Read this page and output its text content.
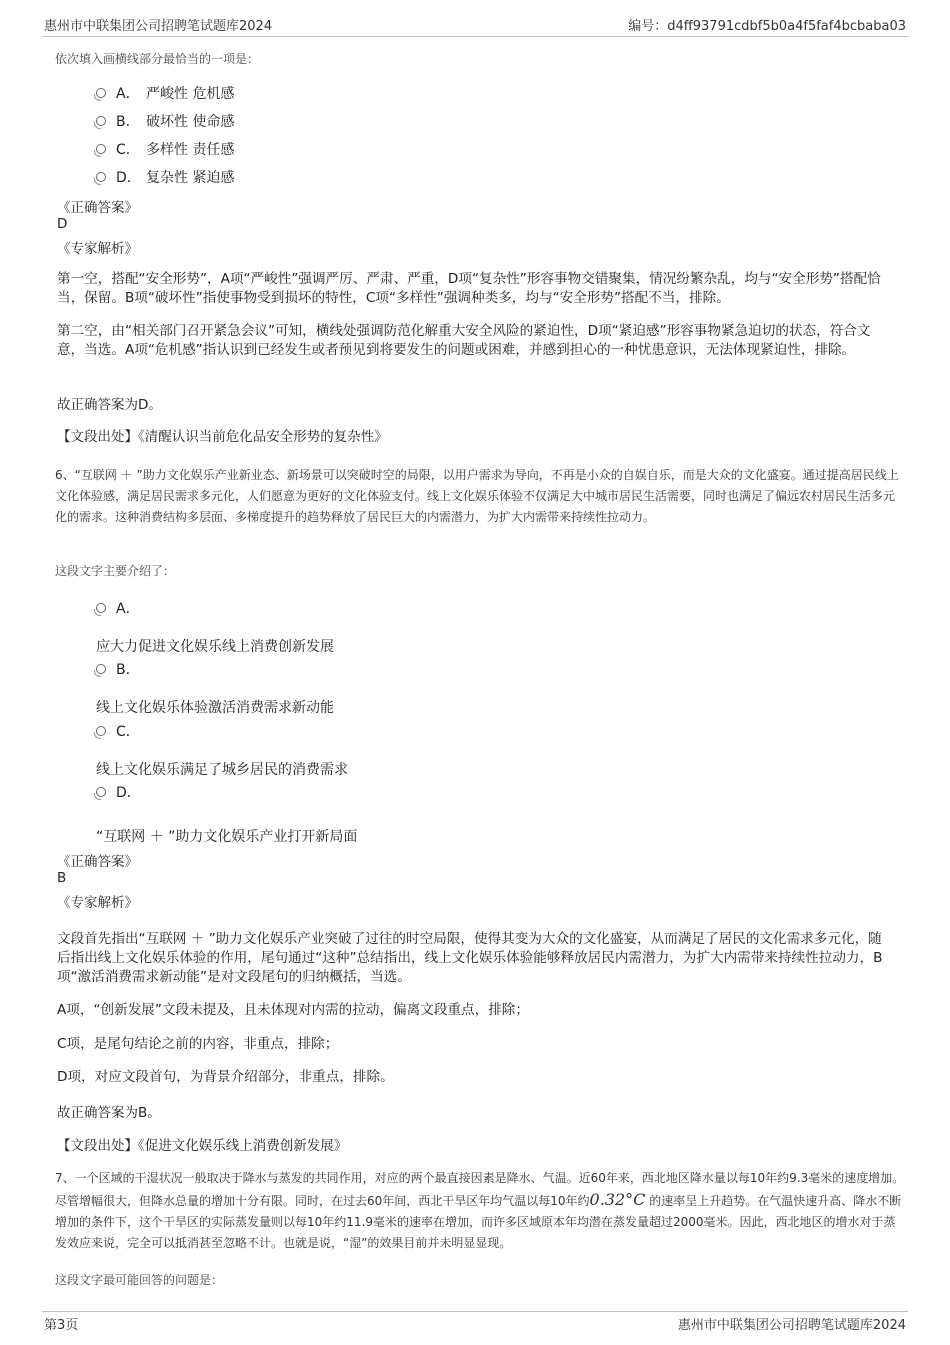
惠州市中联集团公司招聘笔试题库2024	编号：d4ff93791cdbf5b0a4f5faf4bcbaba03
依次填入画横线部分最恰当的一项是：
A． 严峻性 危机感
B． 破坏性 使命感
C． 多样性 责任感
D． 复杂性 紧迫感
《正确答案》
D
《专家解析》
第一空，搭配“安全形势”，A项“严峻性”强调严厉、严肃、严重，D项“复杂性”形容事物交错聚集，情况纷繁杂乱，均与“安全形势”搭配恰当，保留。B项“破坏性”指使事物受到损坏的特性，C项“多样性”强调种类多，均与“安全形势”搭配不当，排除。
第二空，由“相关部门召开紧急会议”可知，横线处强调防范化解重大安全风险的紧迫性，D项“紧迫感”形容事物紧急迫切的状态，符合文意，当选。A项“危机感”指认识到已经发生或者预见到将要发生的问题或困难，并感到担心的一种忧患意识，无法体现紧迫性，排除。
故正确答案为D。
【文段出处】《清醒认识当前危化品安全形势的复杂性》
6、“互联网 ＋ ”助力文化娱乐产业新业态、新场景可以突破时空的局限，以用户需求为导向，不再是小众的自娱自乐，而是大众的文化盛宴。通过提高居民线上文化体验感，满足居民需求多元化，人们愿意为更好的文化体验支付。线上文化娱乐体验不仅满足大中城市居民生活需要，同时也满足了偏远农村居民生活多元化的需求。这种消费结构多层面、多梯度提升的趋势释放了居民巨大的内需潜力，为扩大内需带来持续性拉动力。
这段文字主要介绍了：
A．
应大力促进文化娱乐线上消费创新发展
B．
线上文化娱乐体验激活消费需求新动能
C．
线上文化娱乐满足了城乡居民的消费需求
D．
“互联网 ＋ ”助力文化娱乐产业打开新局面
《正确答案》
B
《专家解析》
文段首先指出“互联网 ＋ ”助力文化娱乐产业突破了过往的时空局限，使得其变为大众的文化盛宴，从而满足了居民的文化需求多元化，随后指出线上文化娱乐体验的作用，尾句通过“这种”总结指出，线上文化娱乐体验能够释放居民内需潜力，为扩大内需带来持续性拉动力，B项“激活消费需求新动能”是对文段尾句的归纳概括，当选。
A项，“创新发展”文段未提及，且未体现对内需的拉动，偏离文段重点，排除；
C项，是尾句结论之前的内容，非重点，排除；
D项，对应文段首句，为背景介绍部分，非重点，排除。
故正确答案为B。
【文段出处】《促进文化娱乐线上消费创新发展》
7、一个区域的干湿状况一般取决于降水与蒸发的共同作用，对应的两个最直接因素是降水、气温。近60年来，西北地区降水量以每10年约9.3毫米的速度增加。尽管增幅很大，但降水总量的增加十分有限。同时，在过去60年间，西北干旱区年均气温以每10年约0.32°C 的速率呈上升趋势。在气温快速升高、降水不断增加的条件下，这个干旱区的实际蒸发量则以每10年约11.9毫米的速率在增加，而许多区域原本年均潜在蒸发量超过2000毫米。因此，西北地区的增水对于蒸发效应来说，完全可以抵消甚至忽略不计。也就是说，“湿”的效果目前并未明显显现。
这段文字最可能回答的问题是：
第3页	惠州市中联集团公司招聘笔试题库2024
